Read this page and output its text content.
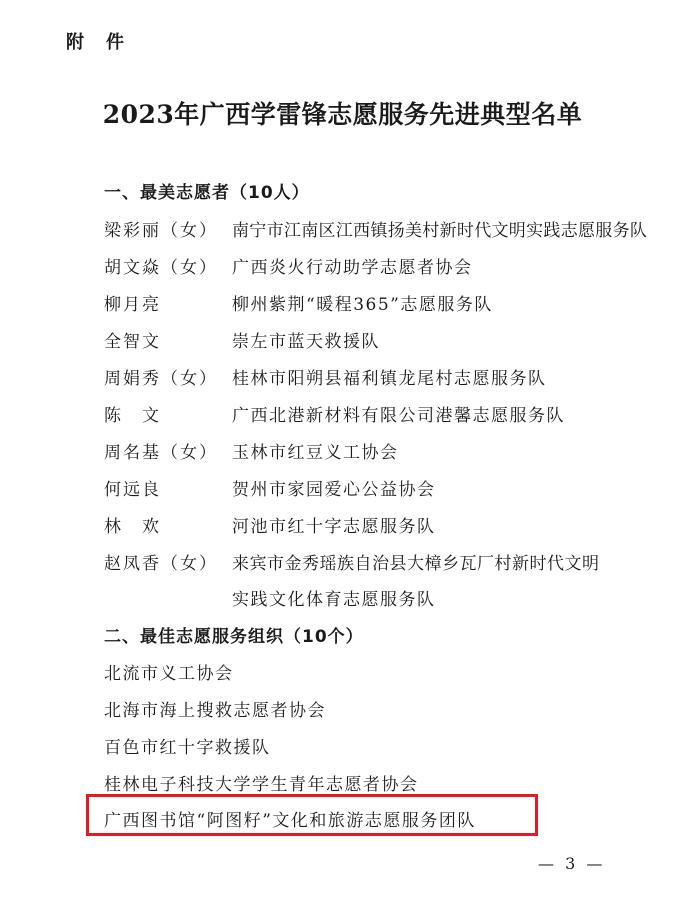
附　件
2023年广西学雷锋志愿服务先进典型名单
一、最美志愿者（10人）
梁彩丽（女） 南宁市江南区江西镇扬美村新时代文明实践志愿服务队
胡文焱（女） 广西炎火行动助学志愿者协会
柳月亮	柳州紫荆“暖程365”志愿服务队
全智文	崇左市蓝天救援队
周娟秀（女） 桂林市阳朔县福利镇龙尾村志愿服务队
陈　文	广西北港新材料有限公司港馨志愿服务队
周名基（女） 玉林市红豆义工协会
何远良	贺州市家园爱心公益协会
林　欢	河池市红十字志愿服务队
赵凤香（女） 来宾市金秀瑶族自治县大樟乡瓦厂村新时代文明
实践文化体育志愿服务队
二、最佳志愿服务组织（10个）
北流市义工协会
北海市海上搜救志愿者协会
百色市红十字救援队
桂林电子科技大学学生青年志愿者协会
广西图书馆“阿图籽”文化和旅游志愿服务团队
— 3 —
